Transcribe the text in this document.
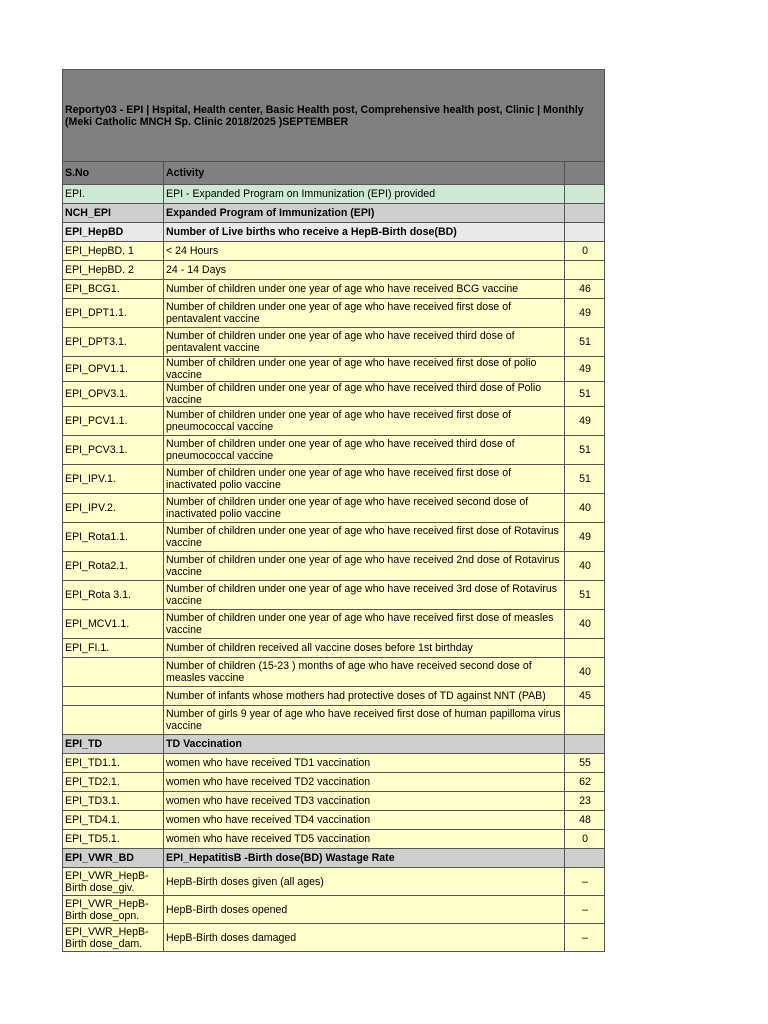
Reporty03 - EPI | Hspital, Health center, Basic Health post, Comprehensive health post, Clinic | Monthly (Meki Catholic MNCH Sp. Clinic 2018/2025 )SEPTEMBER		
S.No	Activity	
EPI.	EPI - Expanded Program on Immunization (EPI) provided	
NCH_EPI	Expanded Program of Immunization (EPI)	
EPI_HepBD	Number of Live births who receive a HepB-Birth dose(BD)	
EPI_HepBD. 1	< 24 Hours	0
EPI_HepBD. 2	24 - 14 Days	
EPI_BCG1.	Number of children under one year of age who have received BCG vaccine	46
EPI_DPT1.1.	Number of children under one year of age who have received first dose of pentavalent vaccine	49
EPI_DPT3.1.	Number of children under one year of age who have received third dose of pentavalent vaccine	51
EPI_OPV1.1.	Number of children under one year of age who have received first dose of polio vaccine	49
EPI_OPV3.1.	Number of children under one year of age who have received third dose of Polio vaccine	51
EPI_PCV1.1.	Number of children under one year of age who have received first dose of pneumococcal vaccine	49
EPI_PCV3.1.	Number of children under one year of age who have received third dose of pneumococcal vaccine	51
EPI_IPV.1.	Number of children under one year of age who have received first dose of inactivated polio vaccine	51
EPI_IPV.2.	Number of children under one year of age who have received second dose of inactivated polio vaccine	40
EPI_Rota1.1.	Number of children under one year of age who have received first dose of Rotavirus vaccine	49
EPI_Rota2.1.	Number of children under one year of age who have received 2nd dose of Rotavirus vaccine	40
EPI_Rota 3.1.	Number of children under one year of age who have received 3rd dose of Rotavirus vaccine	51
EPI_MCV1.1.	Number of children under one year of age who have received first dose of measles vaccine	40
EPI_FI.1.	Number of children received all vaccine doses before 1st birthday	
	Number of children (15-23 ) months of age who have received second dose of measles vaccine	40
	Number of infants whose mothers had protective doses of TD against NNT (PAB)	45
	Number of girls 9 year of age who have received first dose of human papilloma virus vaccine	
EPI_TD	TD Vaccination	
EPI_TD1.1.	women who have received TD1 vaccination	55
EPI_TD2.1.	women who have received TD2 vaccination	62
EPI_TD3.1.	women who have received TD3 vaccination	23
EPI_TD4.1.	women who have received TD4 vaccination	48
EPI_TD5.1.	women who have received TD5 vaccination	0
EPI_VWR_BD	EPI_HepatitisB -Birth dose(BD) Wastage Rate	
EPI_VWR_HepB-Birth dose_giv.	HepB-Birth doses given (all ages)	–
EPI_VWR_HepB-Birth dose_opn.	HepB-Birth doses opened	–
EPI_VWR_HepB-Birth dose_dam.	HepB-Birth doses damaged	–
